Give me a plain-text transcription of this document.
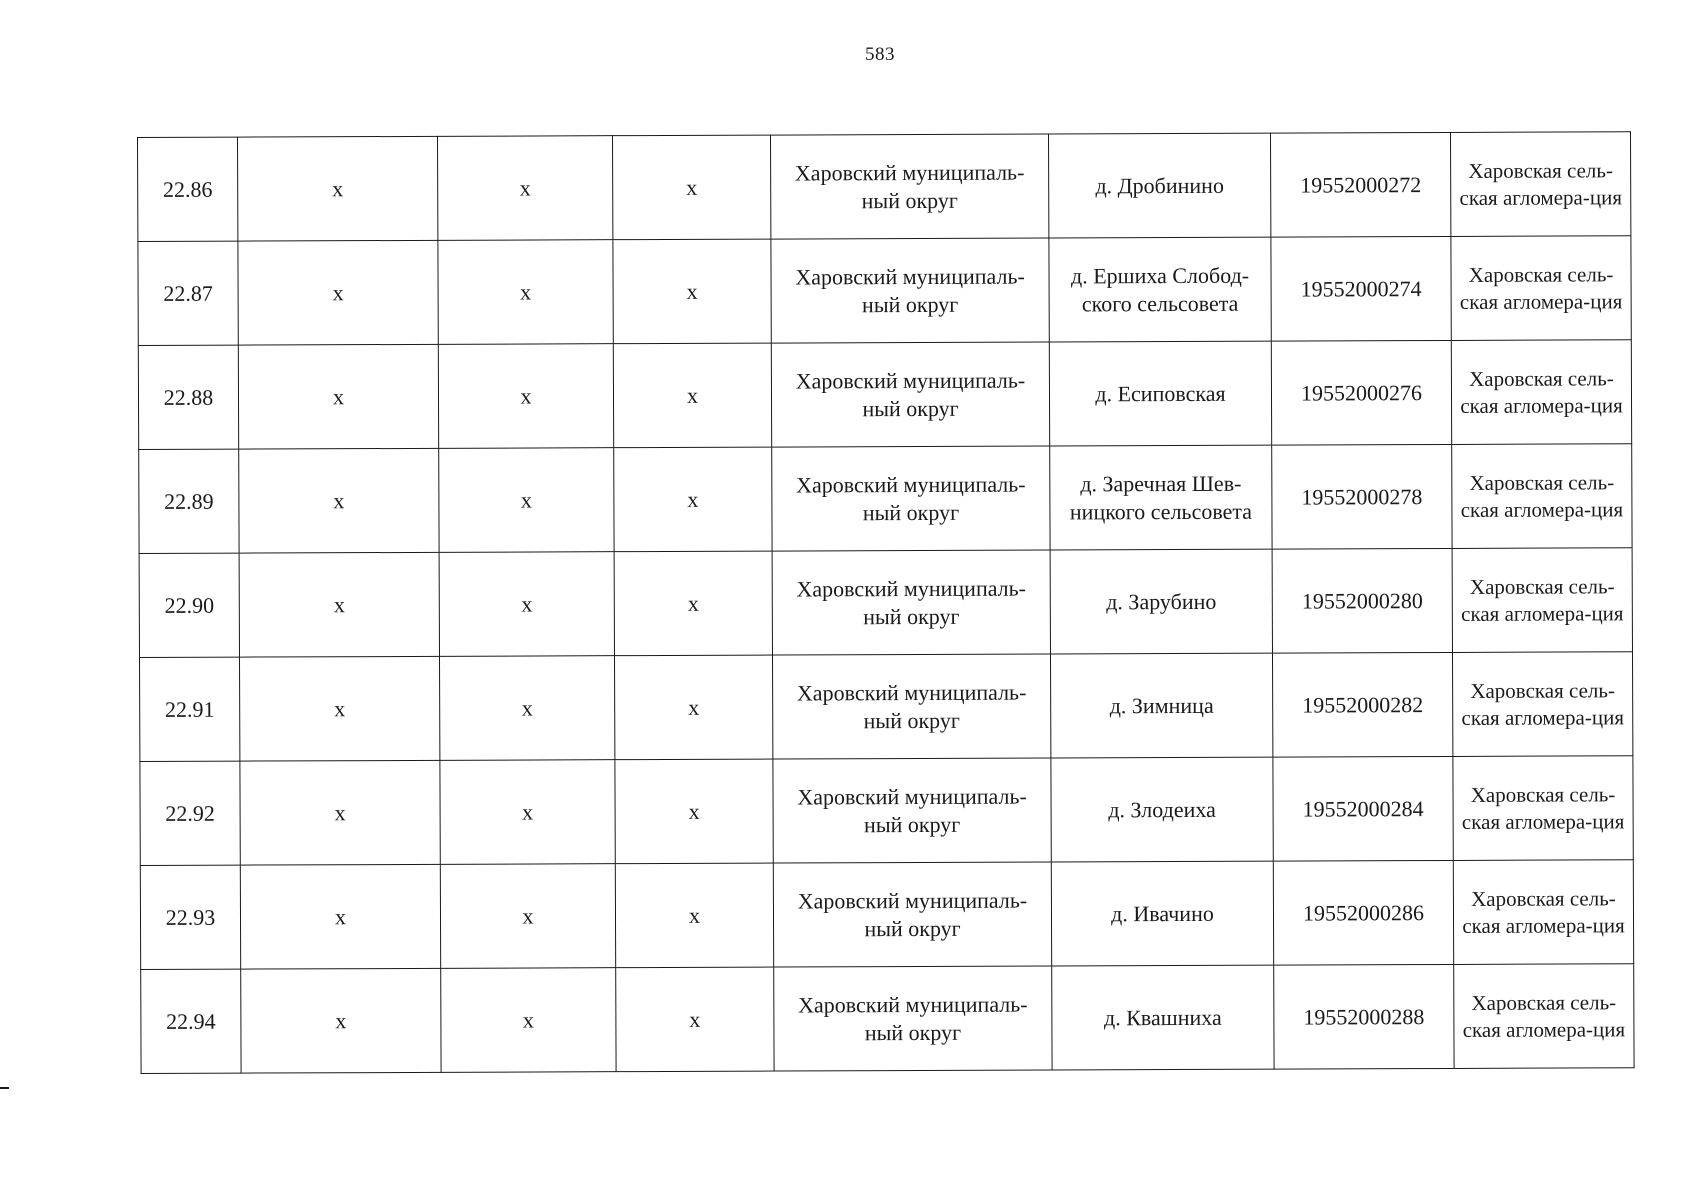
583
22.86	x	x	x	Харовский муниципаль-ный округ	д. Дробинино	19552000272	Харовская сель-ская агломера-ция
22.87	x	x	x	Харовский муниципаль-ный округ	д. Ершиха Слобод-ского сельсовета	19552000274	Харовская сель-ская агломера-ция
22.88	x	x	x	Харовский муниципаль-ный округ	д. Есиповская	19552000276	Харовская сель-ская агломера-ция
22.89	x	x	x	Харовский муниципаль-ный округ	д. Заречная Шев-ницкого сельсовета	19552000278	Харовская сель-ская агломера-ция
22.90	x	x	x	Харовский муниципаль-ный округ	д. Зарубино	19552000280	Харовская сель-ская агломера-ция
22.91	x	x	x	Харовский муниципаль-ный округ	д. Зимница	19552000282	Харовская сель-ская агломера-ция
22.92	x	x	x	Харовский муниципаль-ный округ	д. Злодеиха	19552000284	Харовская сель-ская агломера-ция
22.93	x	x	x	Харовский муниципаль-ный округ	д. Ивачино	19552000286	Харовская сель-ская агломера-ция
22.94	x	x	x	Харовский муниципаль-ный округ	д. Квашниха	19552000288	Харовская сель-ская агломера-ция
